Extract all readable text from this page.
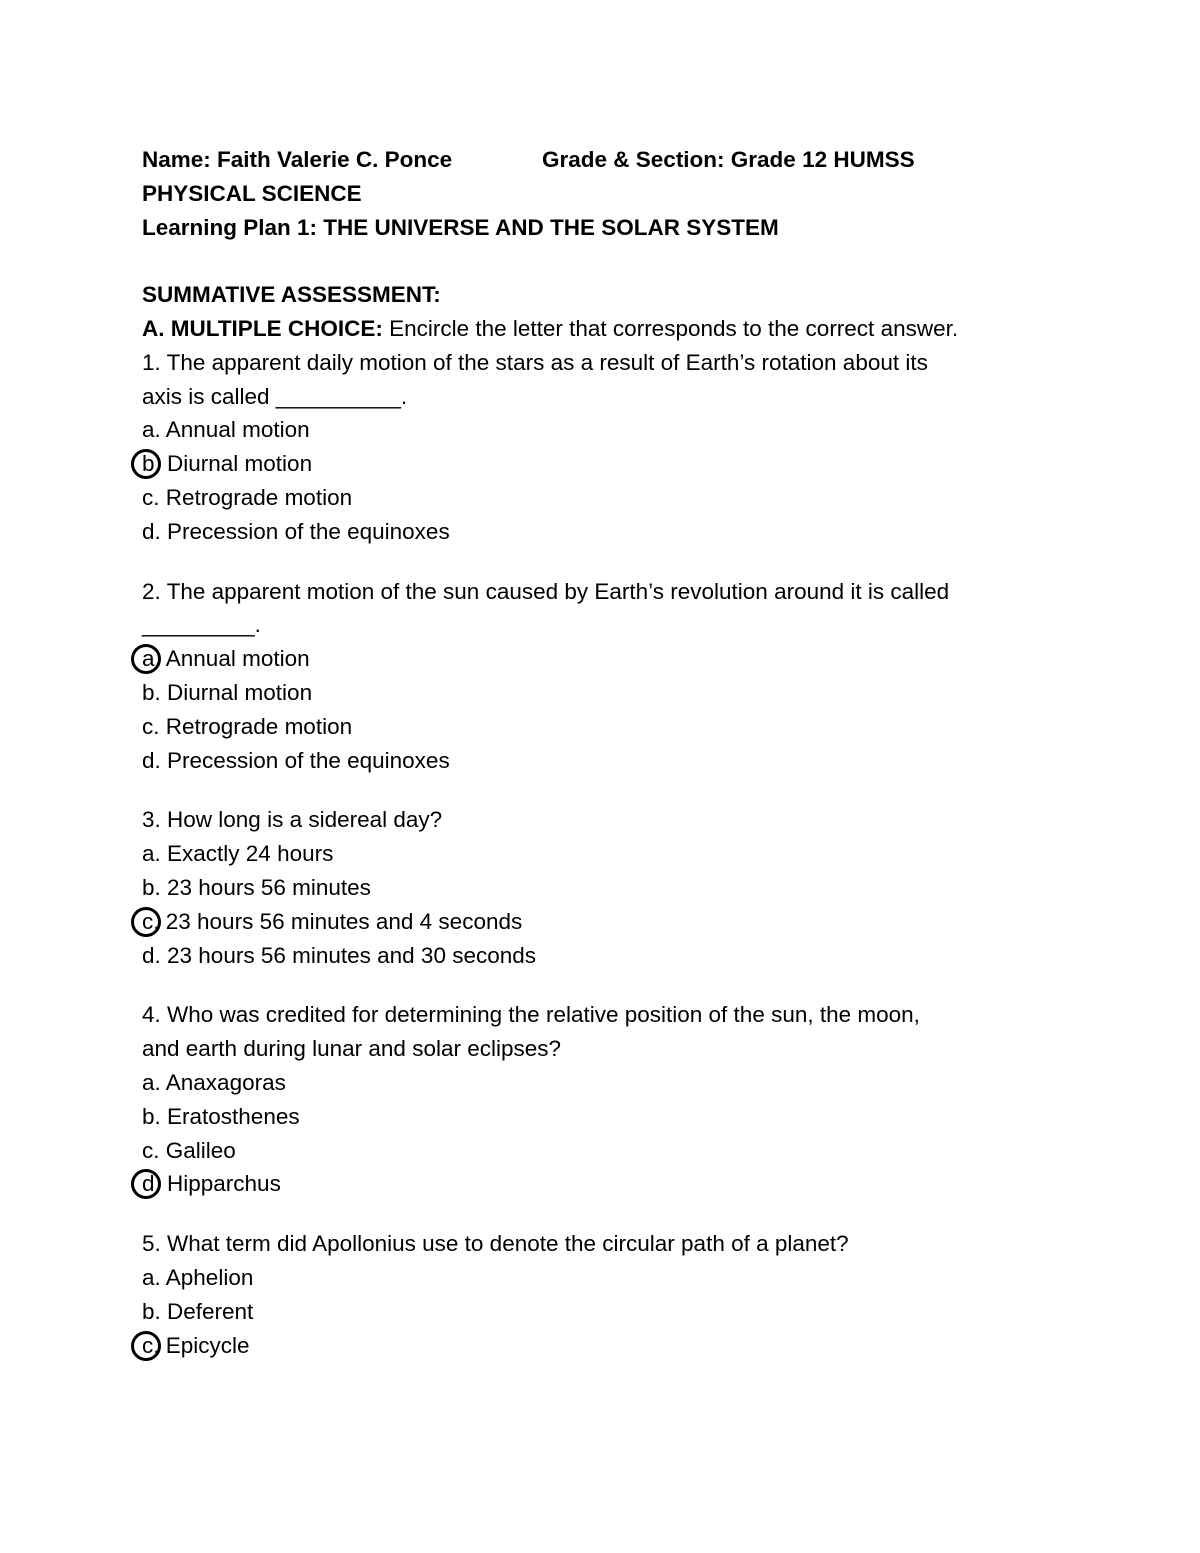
Name: Faith Valerie C. Ponce	Grade & Section: Grade 12 HUMSS
PHYSICAL SCIENCE
Learning Plan 1: THE UNIVERSE AND THE SOLAR SYSTEM
SUMMATIVE ASSESSMENT:
A. MULTIPLE CHOICE: Encircle the letter that corresponds to the correct answer.
1. The apparent daily motion of the stars as a result of Earth’s rotation about its
axis is called __________.
a. Annual motion
b. Diurnal motion
c. Retrograde motion
d. Precession of the equinoxes
2. The apparent motion of the sun caused by Earth’s revolution around it is called
_________.
a. Annual motion
b. Diurnal motion
c. Retrograde motion
d. Precession of the equinoxes
3. How long is a sidereal day?
a. Exactly 24 hours
b. 23 hours 56 minutes
c. 23 hours 56 minutes and 4 seconds
d. 23 hours 56 minutes and 30 seconds
4. Who was credited for determining the relative position of the sun, the moon,
and earth during lunar and solar eclipses?
a. Anaxagoras
b. Eratosthenes
c. Galileo
d. Hipparchus
5. What term did Apollonius use to denote the circular path of a planet?
a. Aphelion
b. Deferent
c. Epicycle
